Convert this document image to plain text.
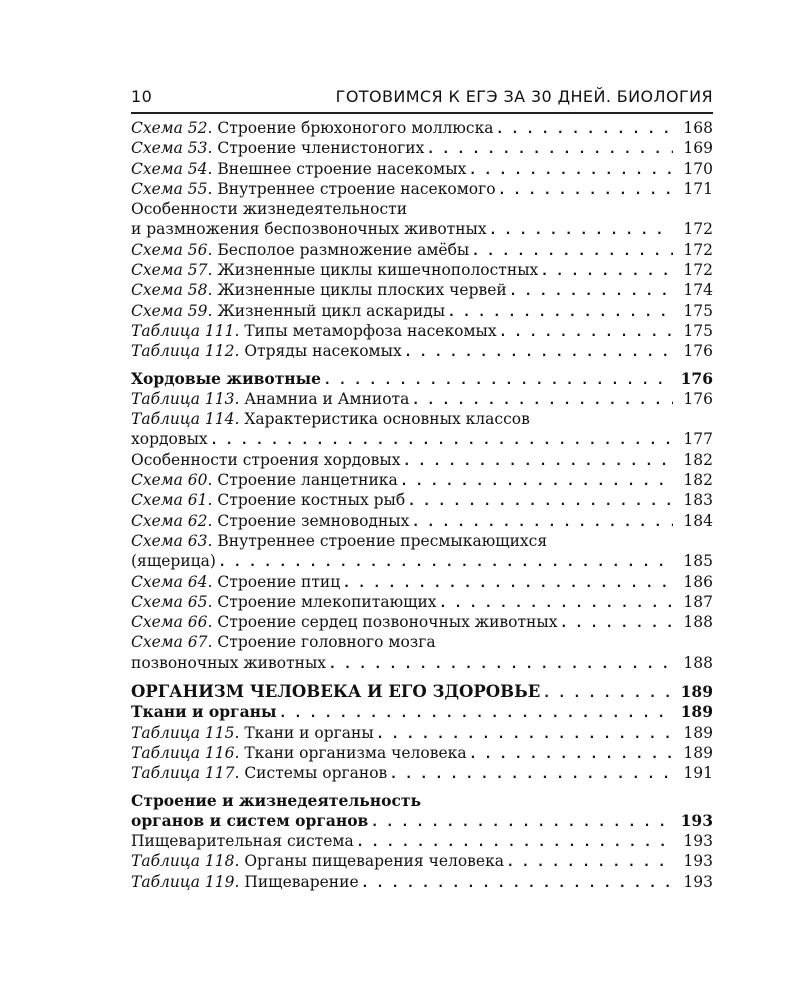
10	ГОТОВИМСЯ К ЕГЭ ЗА 30 ДНЕЙ. БИОЛОГИЯ
Схема 52. Строение брюхоногого моллюска . . .	168
Схема 53. Строение членистоногих . . .	169
Схема 54. Внешнее строение насекомых . . .	170
Схема 55. Внутреннее строение насекомого . . .	171
Особенности жизнедеятельности
и размножения беспозвоночных животных . . .	172
Схема 56. Бесполое размножение амёбы . . .	172
Схема 57. Жизненные циклы кишечнополостных . . .	172
Схема 58. Жизненные циклы плоских червей . . .	174
Схема 59. Жизненный цикл аскариды . . .	175
Таблица 111. Типы метаморфоза насекомых . . .	175
Таблица 112. Отряды насекомых . . .	176
Хордовые животные . . .	176
Таблица 113. Анамниа и Амниота . . .	176
Таблица 114. Характеристика основных классов
хордовых . . .	177
Особенности строения хордовых . . .	182
Схема 60. Строение ланцетника . . .	182
Схема 61. Строение костных рыб . . .	183
Схема 62. Строение земноводных . . .	184
Схема 63. Внутреннее строение пресмыкающихся
(ящерица) . . .	185
Схема 64. Строение птиц . . .	186
Схема 65. Строение млекопитающих . . .	187
Схема 66. Строение сердец позвоночных животных . . .	188
Схема 67. Строение головного мозга
позвоночных животных . . .	188
ОРГАНИЗМ ЧЕЛОВЕКА И ЕГО ЗДОРОВЬЕ . . .	189
Ткани и органы . . .	189
Таблица 115. Ткани и органы . . .	189
Таблица 116. Ткани организма человека . . .	189
Таблица 117. Системы органов . . .	191
Строение и жизнедеятельность
органов и систем органов . . .	193
Пищеварительная система . . .	193
Таблица 118. Органы пищеварения человека . . .	193
Таблица 119. Пищеварение . . .	193
